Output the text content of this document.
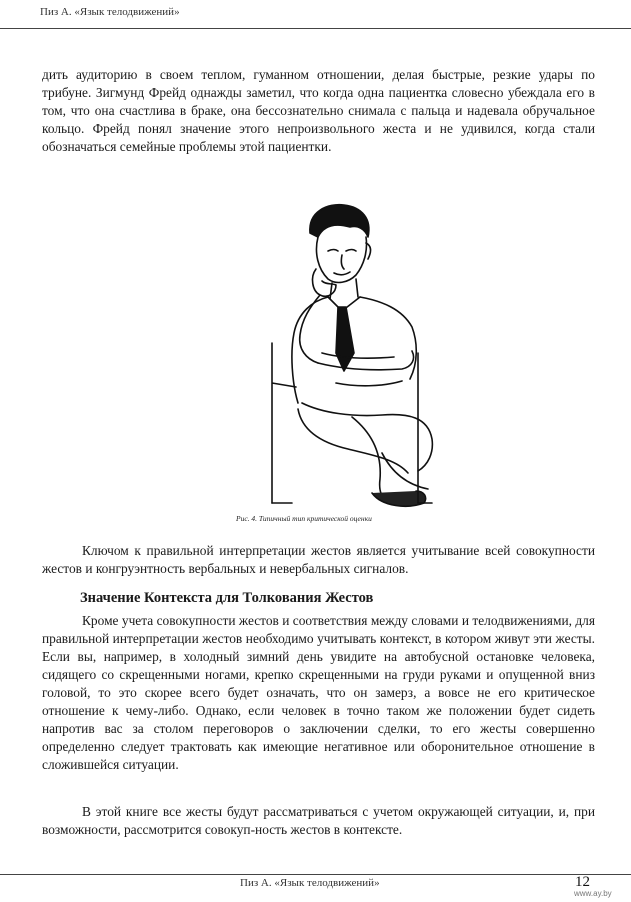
Пиз А. «Язык телодвижений»

дить аудиторию в своем теплом, гуманном отношении, делая быстрые, резкие удары по трибуне. Зигмунд Фрейд однажды заметил, что когда одна пациентка словесно убеждала его в том, что она счастлива в браке, она бессознательно снимала с пальца и надевала обручальное кольцо. Фрейд понял значение этого непроизвольного жеста и не удивился, когда стали обозначаться семейные проблемы этой пациентки.

Рис. 4. Типичный тип критической оценки

Ключом к правильной интерпретации жестов является учитывание всей совокупности жестов и конгруэнтность вербальных и невербальных сигналов.

Значение Контекста для Толкования Жестов

Кроме учета совокупности жестов и соответствия между словами и телодвижениями, для правильной интерпретации жестов необходимо учитывать контекст, в котором живут эти жесты. Если вы, например, в холодный зимний день увидите на автобусной остановке человека, сидящего со скрещенными ногами, крепко скрещенными на груди руками и опущенной вниз головой, то это скорее всего будет означать, что он замерз, а вовсе не его критическое отношение к чему-либо. Однако, если человек в точно таком же положении будет сидеть напротив вас за столом переговоров о заключении сделки, то его жесты совершенно определенно следует трактовать как имеющие негативное или оборонительное отношение в сложившейся ситуации.

В этой книге все жесты будут рассматриваться с учетом окружающей ситуации, и, при возможности, рассмотрится совокуп-ность жестов в контексте.

Пиз А. «Язык телодвижений»	12
www.ay.by
